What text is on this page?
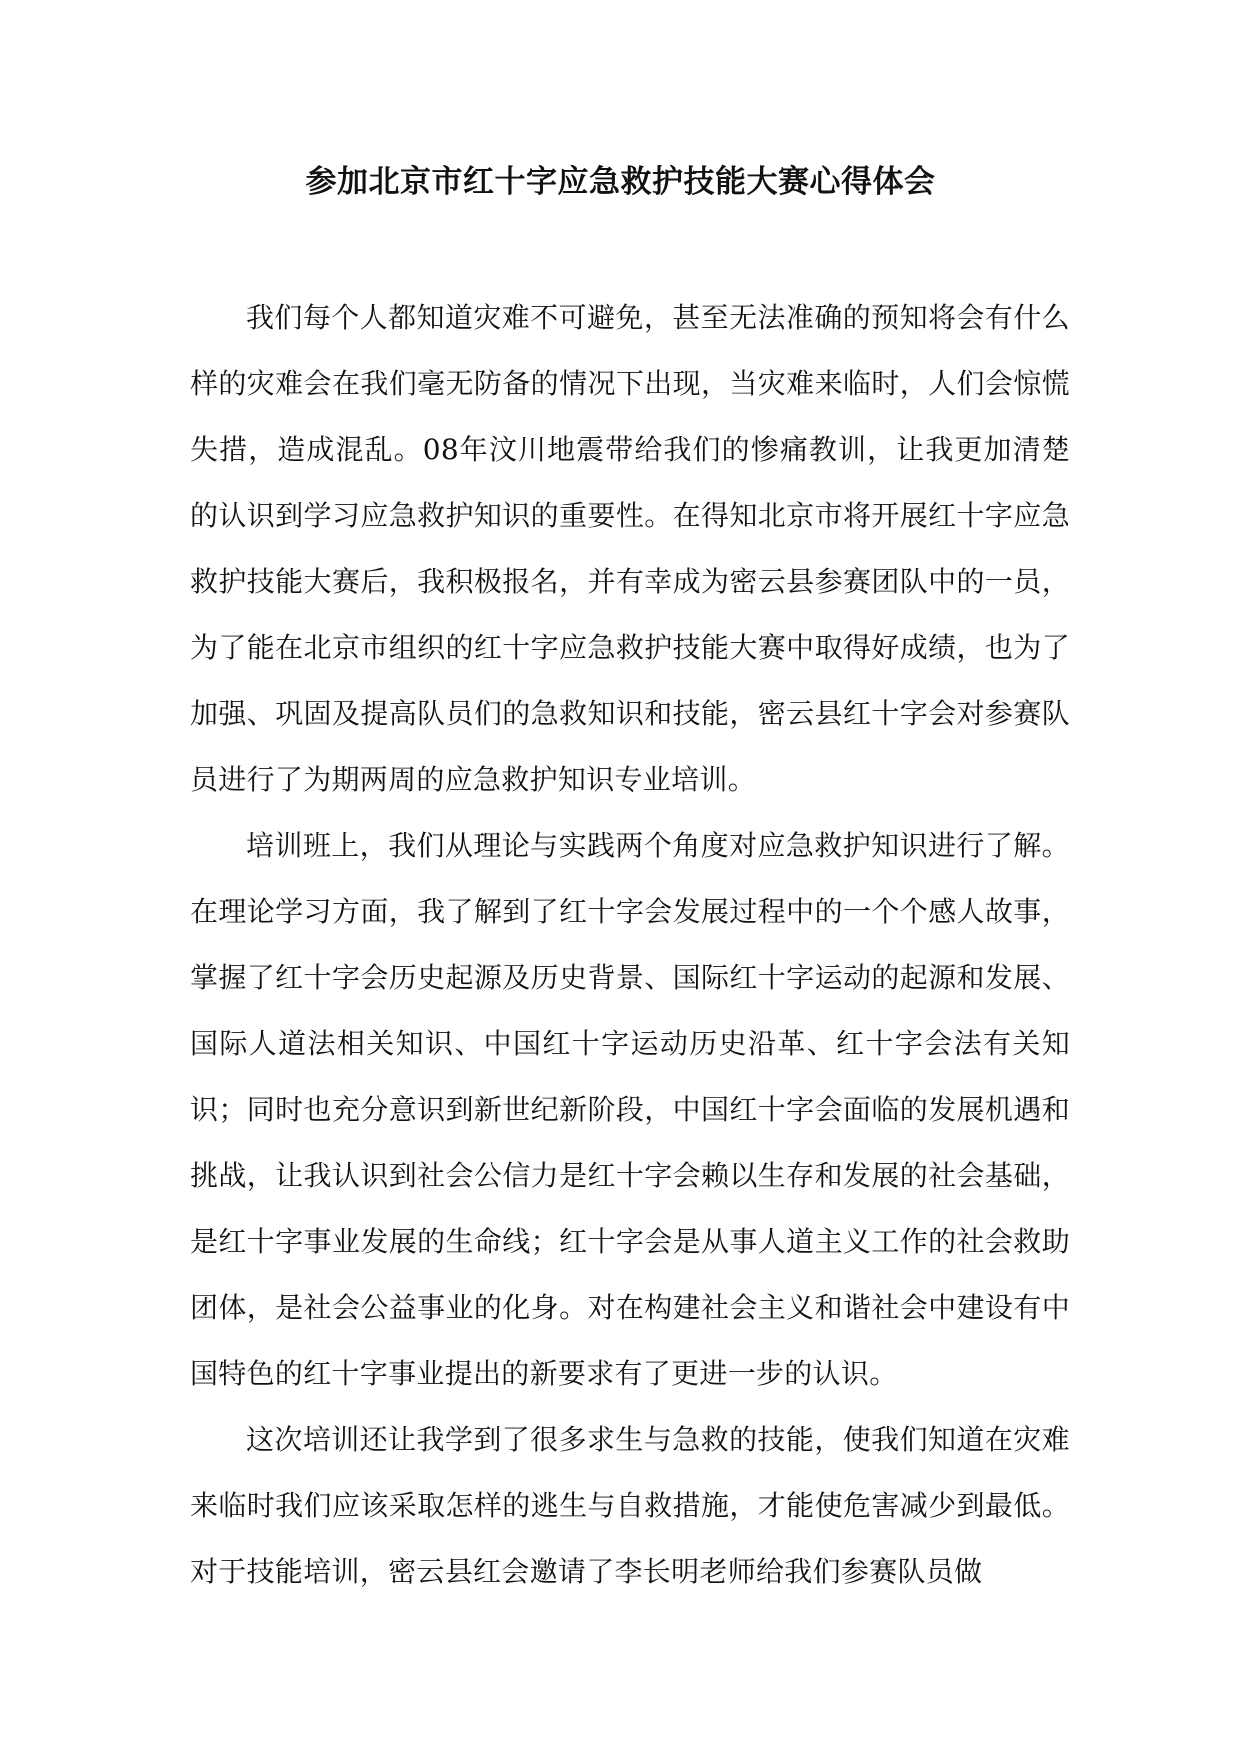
参加北京市红十字应急救护技能大赛心得体会

我们每个人都知道灾难不可避免，甚至无法准确的预知将会有什么样的灾难会在我们毫无防备的情况下出现，当灾难来临时，人们会惊慌失措，造成混乱。08年汶川地震带给我们的惨痛教训，让我更加清楚的认识到学习应急救护知识的重要性。在得知北京市将开展红十字应急救护技能大赛后，我积极报名，并有幸成为密云县参赛团队中的一员，为了能在北京市组织的红十字应急救护技能大赛中取得好成绩，也为了加强、巩固及提高队员们的急救知识和技能，密云县红十字会对参赛队员进行了为期两周的应急救护知识专业培训。

培训班上，我们从理论与实践两个角度对应急救护知识进行了解。在理论学习方面，我了解到了红十字会发展过程中的一个个感人故事，掌握了红十字会历史起源及历史背景、国际红十字运动的起源和发展、国际人道法相关知识、中国红十字运动历史沿革、红十字会法有关知识；同时也充分意识到新世纪新阶段，中国红十字会面临的发展机遇和挑战，让我认识到社会公信力是红十字会赖以生存和发展的社会基础，是红十字事业发展的生命线；红十字会是从事人道主义工作的社会救助团体，是社会公益事业的化身。对在构建社会主义和谐社会中建设有中国特色的红十字事业提出的新要求有了更进一步的认识。

这次培训还让我学到了很多求生与急救的技能，使我们知道在灾难来临时我们应该采取怎样的逃生与自救措施，才能使危害减少到最低。对于技能培训，密云县红会邀请了李长明老师给我们参赛队员做
